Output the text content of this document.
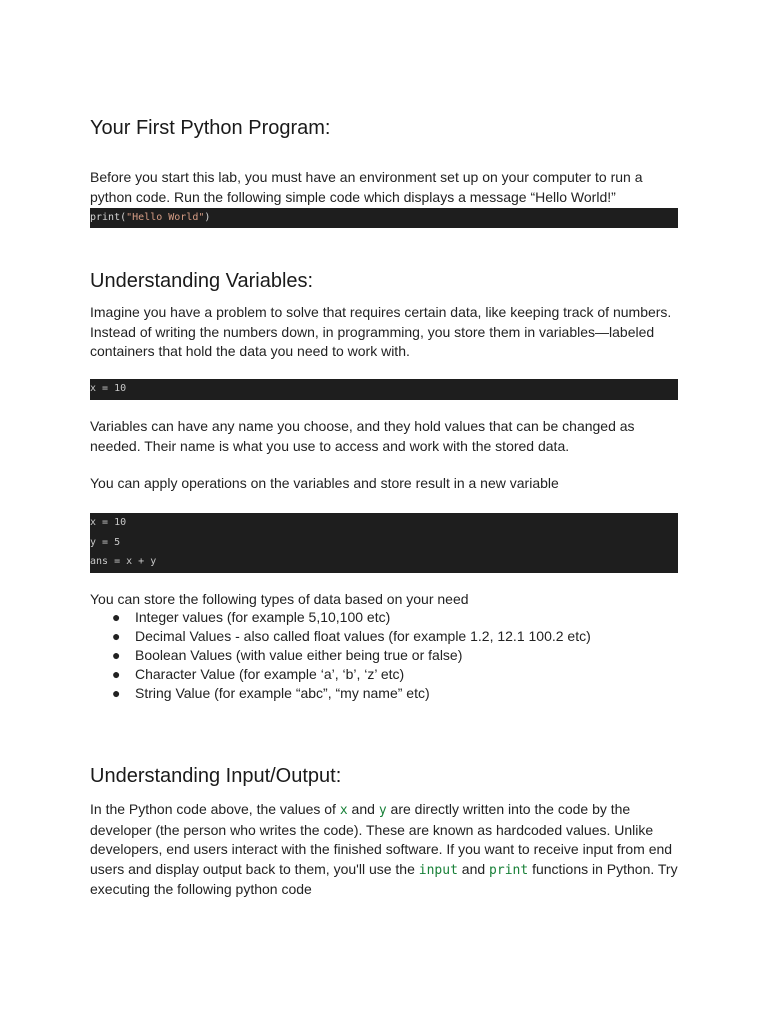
Your First Python Program:

Before you start this lab, you must have an environment set up on your computer to run a
python code. Run the following simple code which displays a message “Hello World!”

print("Hello World")
Understanding Variables:

Imagine you have a problem to solve that requires certain data, like keeping track of numbers.
Instead of writing the numbers down, in programming, you store them in variables—labeled
containers that hold the data you need to work with.

x = 10

Variables can have any name you choose, and they hold values that can be changed as
needed. Their name is what you use to access and work with the stored data.

You can apply operations on the variables and store result in a new variable

x = 10
y = 5
ans = x + y

You can store the following types of data based on your need

● Integer values (for example 5,10,100 etc)
● Decimal Values - also called float values (for example 1.2, 12.1 100.2 etc)
● Boolean Values (with value either being true or false)
● Character Value (for example ‘a’, ‘b’, ‘z’ etc)
● String Value (for example “abc”, “my name” etc)
Understanding Input/Output:

In the Python code above, the values of x and y are directly written into the code by the
developer (the person who writes the code). These are known as hardcoded values. Unlike
developers, end users interact with the finished software. If you want to receive input from end
users and display output back to them, you'll use the input and print functions in Python. Try
executing the following python code
